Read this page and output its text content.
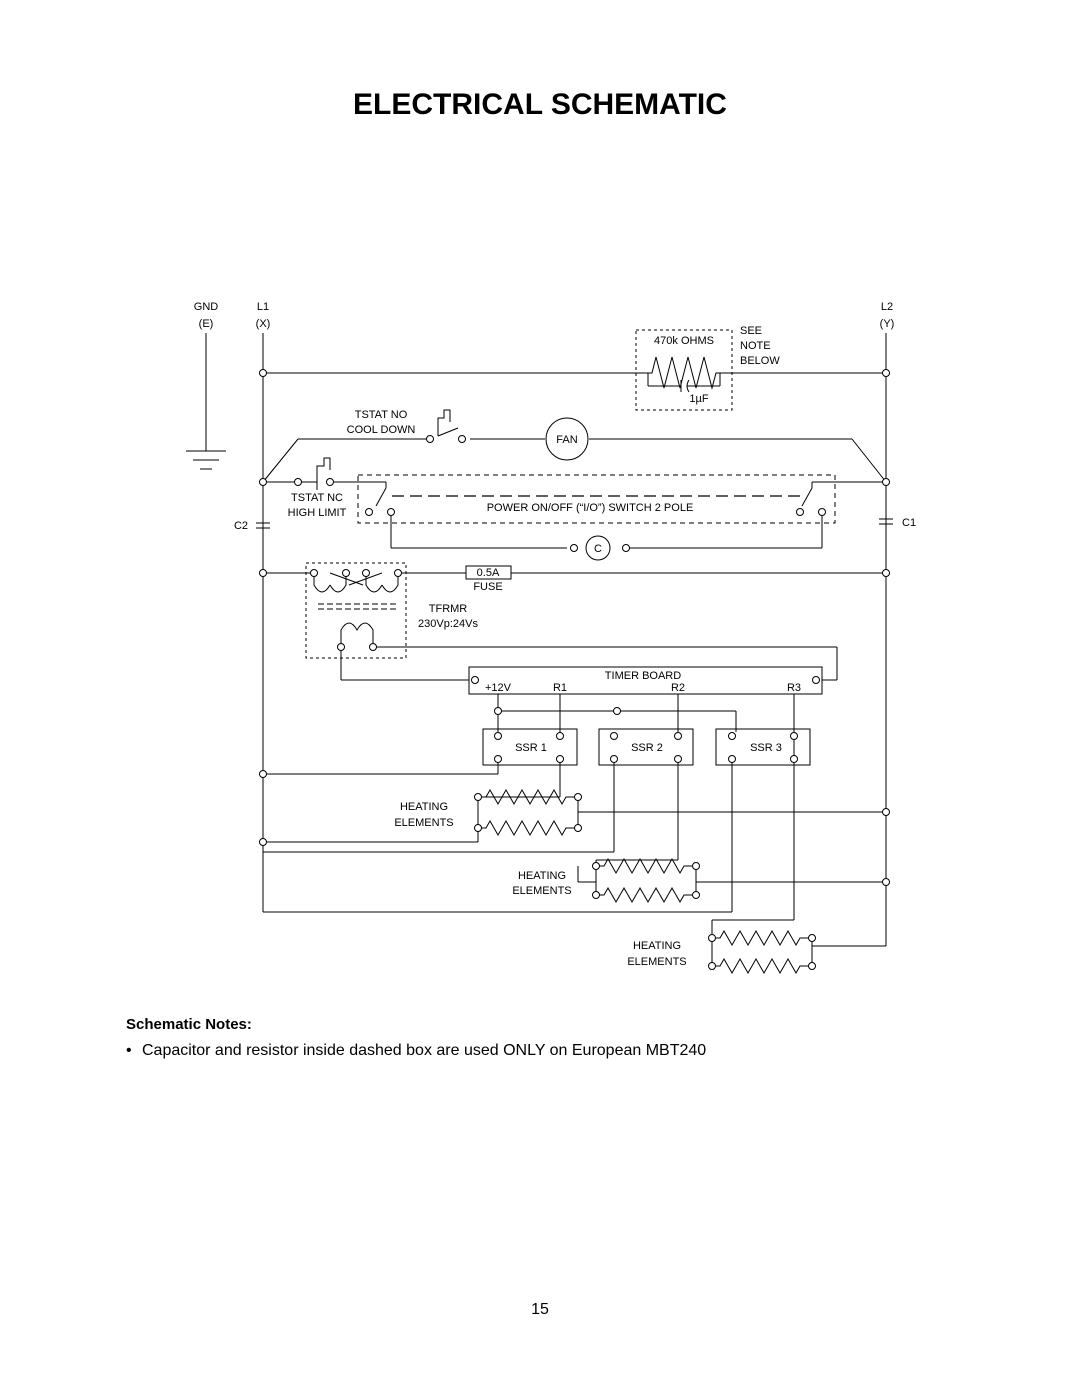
ELECTRICAL SCHEMATIC
GND
(E)
L1
(X)
L2
(Y)
470k OHMS
1µF
SEE
NOTE
BELOW
TSTAT NO
COOL DOWN
FAN
TSTAT NC
HIGH LIMIT	POWER ON/OFF (“I/O”) SWITCH 2 POLE
C2	C1
C
0.5A
FUSE
TFRMR
230Vp:24Vs
TIMER BOARD
+12V	R1	R2	R3
SSR 1	SSR 2	SSR 3
HEATING
ELEMENTS
HEATING
ELEMENTS
HEATING
ELEMENTS
Schematic Notes:
• Capacitor and resistor inside dashed box are used ONLY on European MBT240
15
